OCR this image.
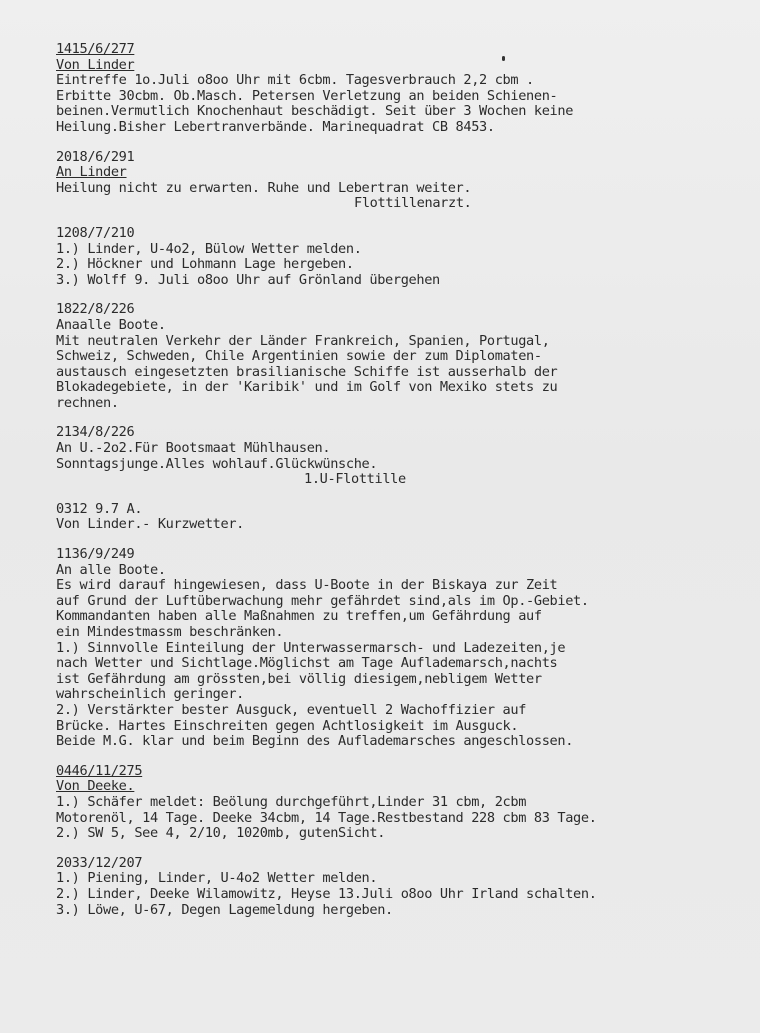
1415/6/277
Von Linder
Eintreffe 1o.Juli o8oo Uhr mit 6cbm. Tagesverbrauch 2,2 cbm .
Erbitte 30cbm. Ob.Masch. Petersen Verletzung an beiden Schienen-
beinen.Vermutlich Knochenhaut beschädigt. Seit über 3 Wochen keine
Heilung.Bisher Lebertranverbände. Marinequadrat CB 8453.
2018/6/291
An Linder
Heilung nicht zu erwarten. Ruhe und Lebertran weiter.
Flottillenarzt.
1208/7/210
1.) Linder, U-4o2, Bülow Wetter melden.
2.) Höckner und Lohmann Lage hergeben.
3.) Wolff 9. Juli o8oo Uhr auf Grönland übergehen
1822/8/226
Anaalle Boote.
Mit neutralen Verkehr der Länder Frankreich, Spanien, Portugal,
Schweiz, Schweden, Chile Argentinien sowie der zum Diplomaten-
austausch eingesetzten brasilianische Schiffe ist ausserhalb der
Blokadegebiete, in der 'Karibik' und im Golf von Mexiko stets zu
rechnen.
2134/8/226
An U.-2o2.Für Bootsmaat Mühlhausen.
Sonntagsjunge.Alles wohlauf.Glückwünsche.
1.U-Flottille
0312 9.7 A.
Von Linder.- Kurzwetter.
1136/9/249
An alle Boote.
Es wird darauf hingewiesen, dass U-Boote in der Biskaya zur Zeit
auf Grund der Luftüberwachung mehr gefährdet sind,als im Op.-Gebiet.
Kommandanten haben alle Maßnahmen zu treffen,um Gefährdung auf
ein Mindestmassm beschränken.
1.) Sinnvolle Einteilung der Unterwassermarsch- und Ladezeiten,je
nach Wetter und Sichtlage.Möglichst am Tage Auflademarsch,nachts
ist Gefährdung am grössten,bei völlig diesigem,nebligem Wetter
wahrscheinlich geringer.
2.) Verstärkter bester Ausguck, eventuell 2 Wachoffizier auf
Brücke. Hartes Einschreiten gegen Achtlosigkeit im Ausguck.
Beide M.G. klar und beim Beginn des Auflademarsches angeschlossen.
0446/11/275
Von Deeke.
1.) Schäfer meldet: Beölung durchgeführt,Linder 31 cbm, 2cbm
Motorenöl, 14 Tage. Deeke 34cbm, 14 Tage.Restbestand 228 cbm 83 Tage.
2.) SW 5, See 4, 2/10, 1020mb, gutenSicht.
2033/12/207
1.) Piening, Linder, U-4o2 Wetter melden.
2.) Linder, Deeke Wilamowitz, Heyse 13.Juli o8oo Uhr Irland schalten.
3.) Löwe, U-67, Degen Lagemeldung hergeben.
